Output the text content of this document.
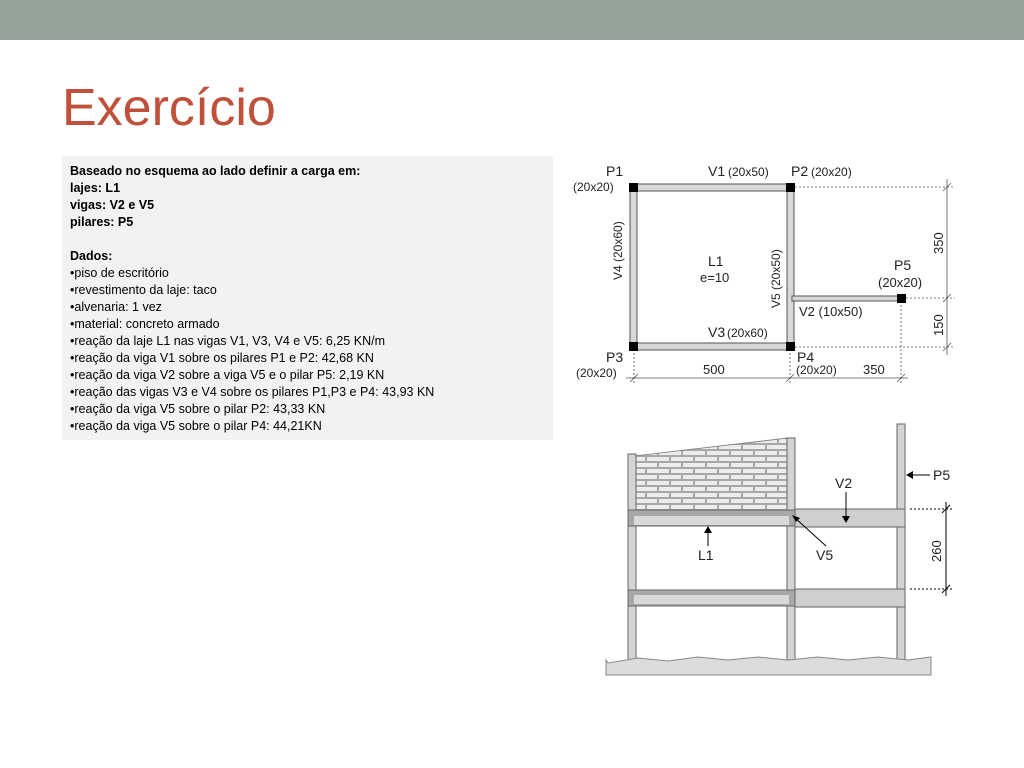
Exercício
Baseado no esquema ao lado definir a carga em:
lajes: L1
vigas: V2 e V5
pilares: P5
Dados:
•piso de escritório
•revestimento da laje: taco
•alvenaria: 1 vez
•material: concreto armado
•reação da laje L1 nas vigas V1, V3, V4 e V5: 6,25 KN/m
•reação da viga V1 sobre os pilares P1 e P2: 42,68 KN
•reação da viga V2 sobre a viga V5 e o pilar P5: 2,19 KN
•reação das vigas V3 e V4 sobre os pilares P1,P3 e P4: 43,93 KN
•reação da viga V5 sobre o pilar P2: 43,33 KN
•reação da viga V5 sobre o pilar P4: 44,21KN
P1
(20x20)
V1 (20x50) P2 (20x20)
V4 (20x60)	L1
e=10	V5 (20x50)	P5
(20x20)
V2 (10x50)
V3 (20x60)
P3
(20x20)
P4
(20x20)
500	350
350
150
P5
V2
L1	V5	260
